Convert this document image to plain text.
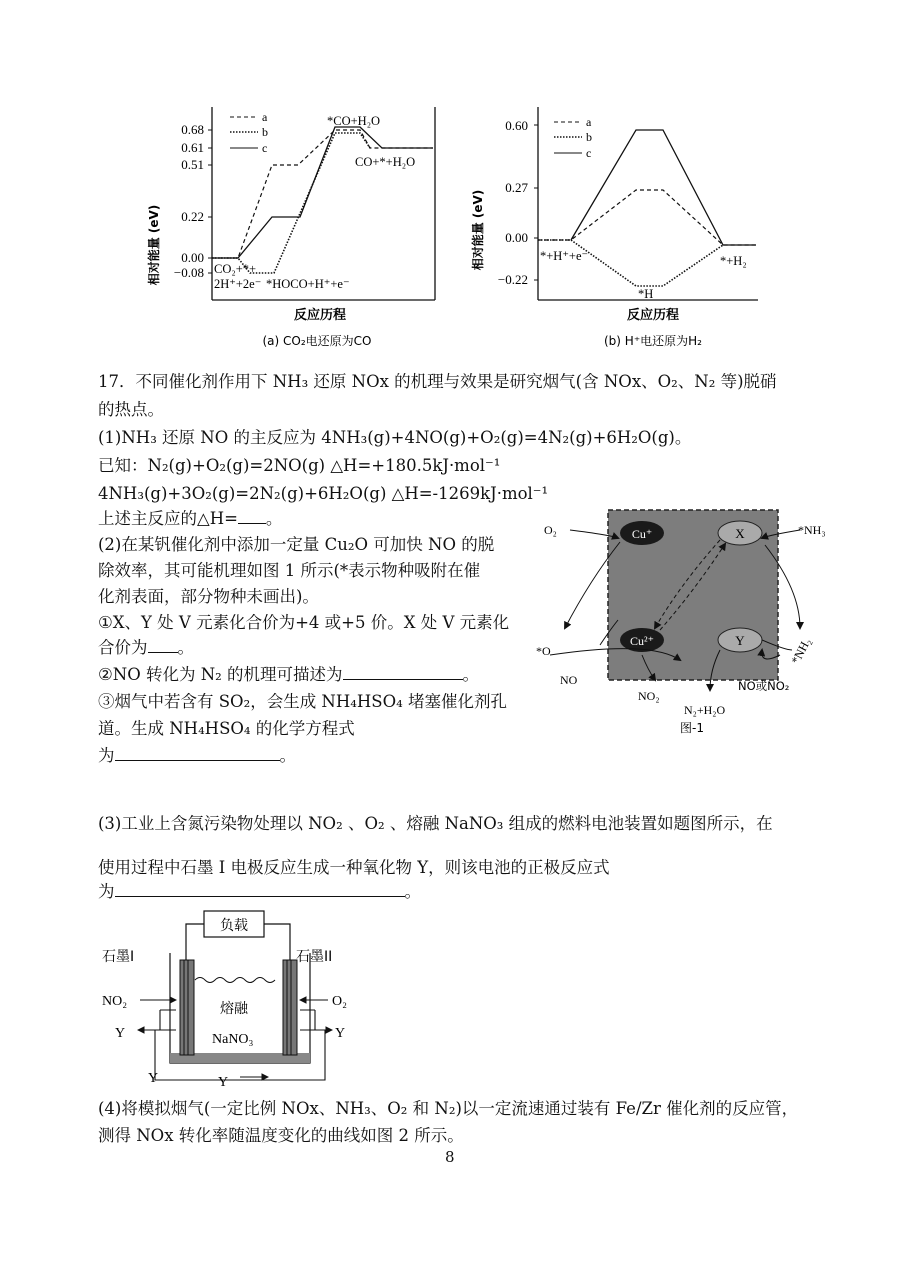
相对能量 (eV)
0.68
0.61
0.51
0.22
0.00
−0.08
a
b
c
*CO+H₂O
CO+*+H₂O
CO₂+*+
2H⁺+2e⁻ *HOCO+H⁺+e⁻
反应历程
(a) CO₂电还原为CO
相对能量 (eV)
0.60
0.27
0.00
−0.22
a
b
c
*+H⁺+e⁻
*H
*+H₂
反应历程
(b) H⁺电还原为H₂
17．不同催化剂作用下 NH₃ 还原 NOx 的机理与效果是研究烟气(含 NOx、O₂、N₂ 等)脱硝
的热点。
(1)NH₃ 还原 NO 的主反应为 4NH₃(g)+4NO(g)+O₂(g)=4N₂(g)+6H₂O(g)。
已知：N₂(g)+O₂(g)=2NO(g) △H=+180.5kJ·mol⁻¹
4NH₃(g)+3O₂(g)=2N₂(g)+6H₂O(g) △H=-1269kJ·mol⁻¹
上述主反应的△H= 。
(2)在某钒催化剂中添加一定量 Cu₂O 可加快 NO 的脱
除效率，其可能机理如图 1 所示(*表示物种吸附在催
化剂表面，部分物种未画出)。
①X、Y 处 V 元素化合价为+4 或+5 价。X 处 V 元素化
合价为 。
②NO 转化为 N₂ 的机理可描述为	。
③烟气中若含有 SO₂，会生成 NH₄HSO₄ 堵塞催化剂孔
道。生成 NH₄HSO₄ 的化学方程式
为	。
(3)工业上含氮污染物处理以 NO₂ 、O₂ 、熔融 NaNO₃ 组成的燃料电池装置如题图所示，在
使用过程中石墨 I 电极反应生成一种氧化物 Y，则该电池的正极反应式
为	。
(4)将模拟烟气(一定比例 NOx、NH₃、O₂ 和 N₂)以一定流速通过装有 Fe/Zr 催化剂的反应管，
测得 NOx 转化率随温度变化的曲线如图 2 所示。
Cu⁺	X
Cu²⁺	Y
O₂	*NH₃
*O
NO
NO₂
*NH₂
N₂+H₂O
NO或NO₂
图-1
负载
石墨I	石墨II
NO₂	O₂
Y	Y
Y	Y
熔融
NaNO₃
8
